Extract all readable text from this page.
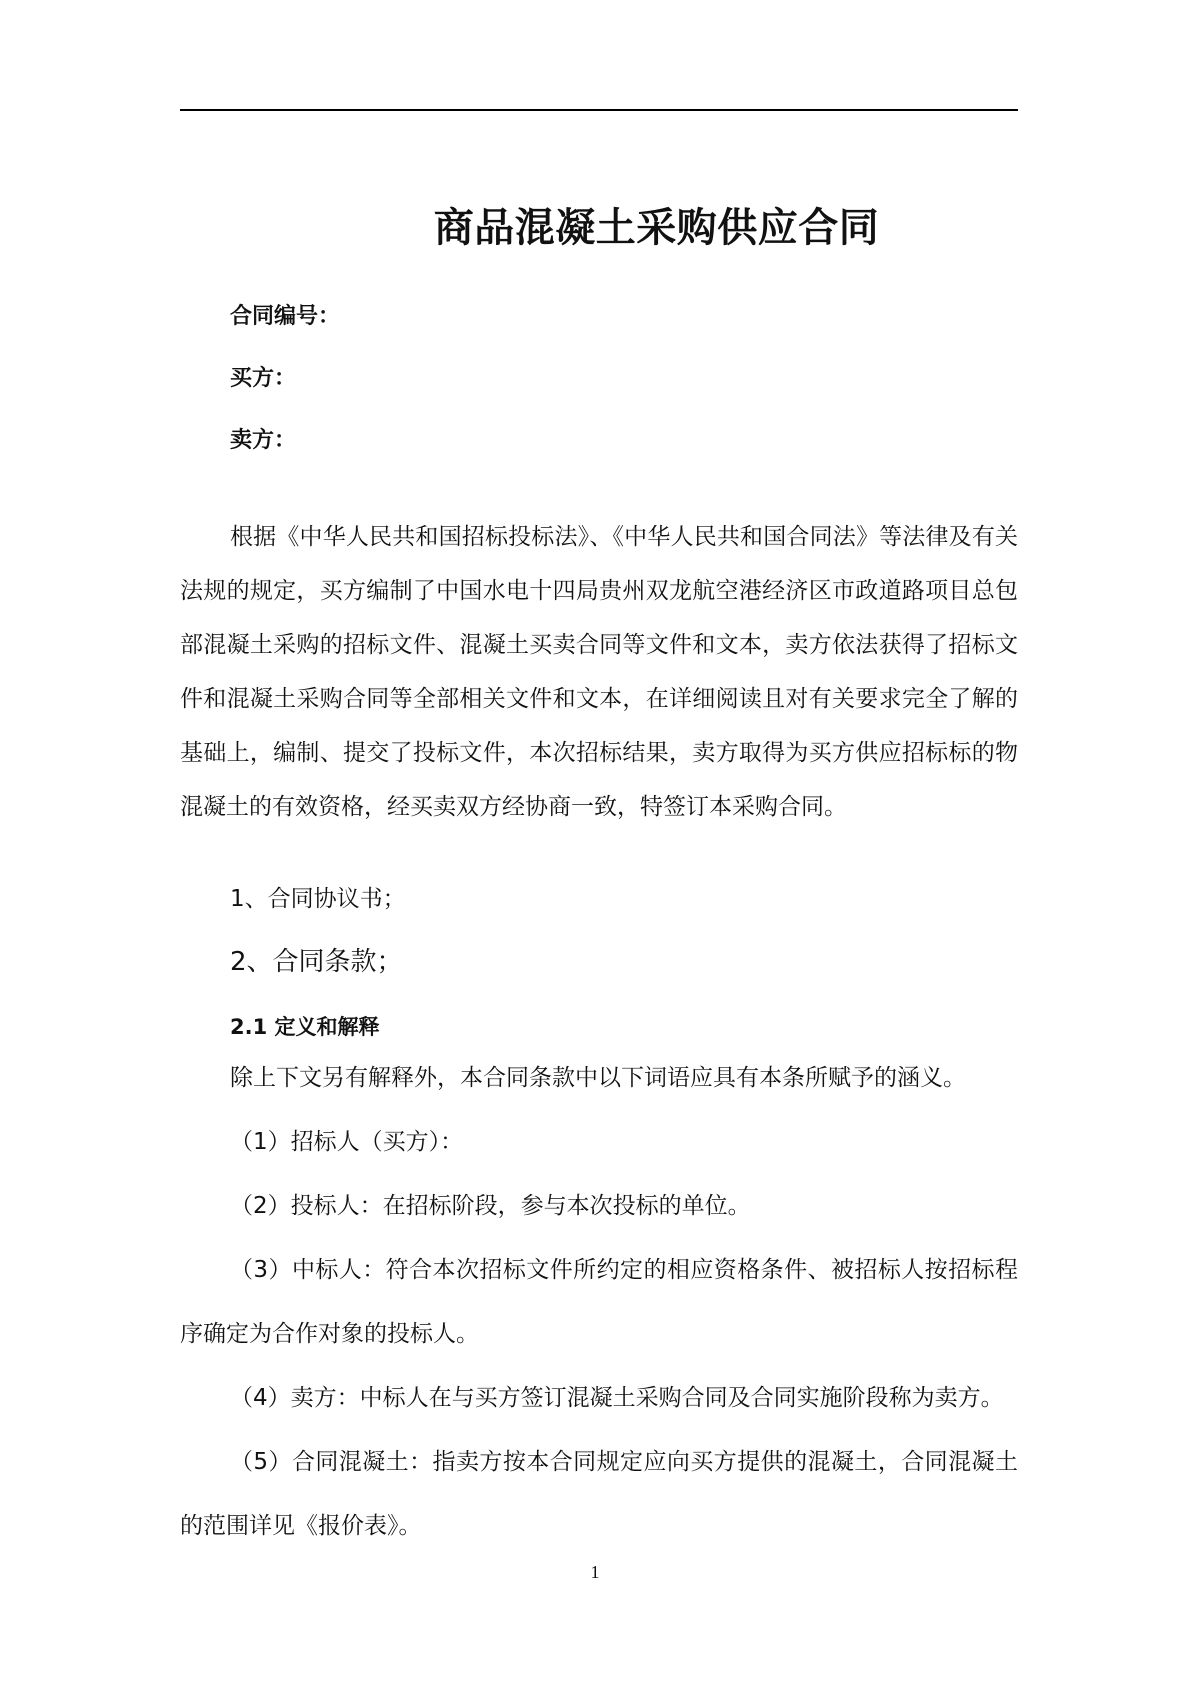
商品混凝土采购供应合同
合同编号：
买方：
卖方：

根据《中华人民共和国招标投标法》、《中华人民共和国合同法》等法律及有关法规的规定，买方编制了中国水电十四局贵州双龙航空港经济区市政道路项目总包部混凝土采购的招标文件、混凝土买卖合同等文件和文本，卖方依法获得了招标文件和混凝土采购合同等全部相关文件和文本，在详细阅读且对有关要求完全了解的基础上，编制、提交了投标文件，本次招标结果，卖方取得为买方供应招标标的物混凝土的有效资格，经买卖双方经协商一致，特签订本采购合同。

1、合同协议书；
2、合同条款；
2.1 定义和解释
除上下文另有解释外，本合同条款中以下词语应具有本条所赋予的涵义。

（1）招标人（买方）：

（2）投标人：在招标阶段，参与本次投标的单位。

（3）中标人：符合本次招标文件所约定的相应资格条件、被招标人按招标程序确定为合作对象的投标人。

（4）卖方：中标人在与买方签订混凝土采购合同及合同实施阶段称为卖方。

（5）合同混凝土：指卖方按本合同规定应向买方提供的混凝土，合同混凝土的范围详见《报价表》。

1
